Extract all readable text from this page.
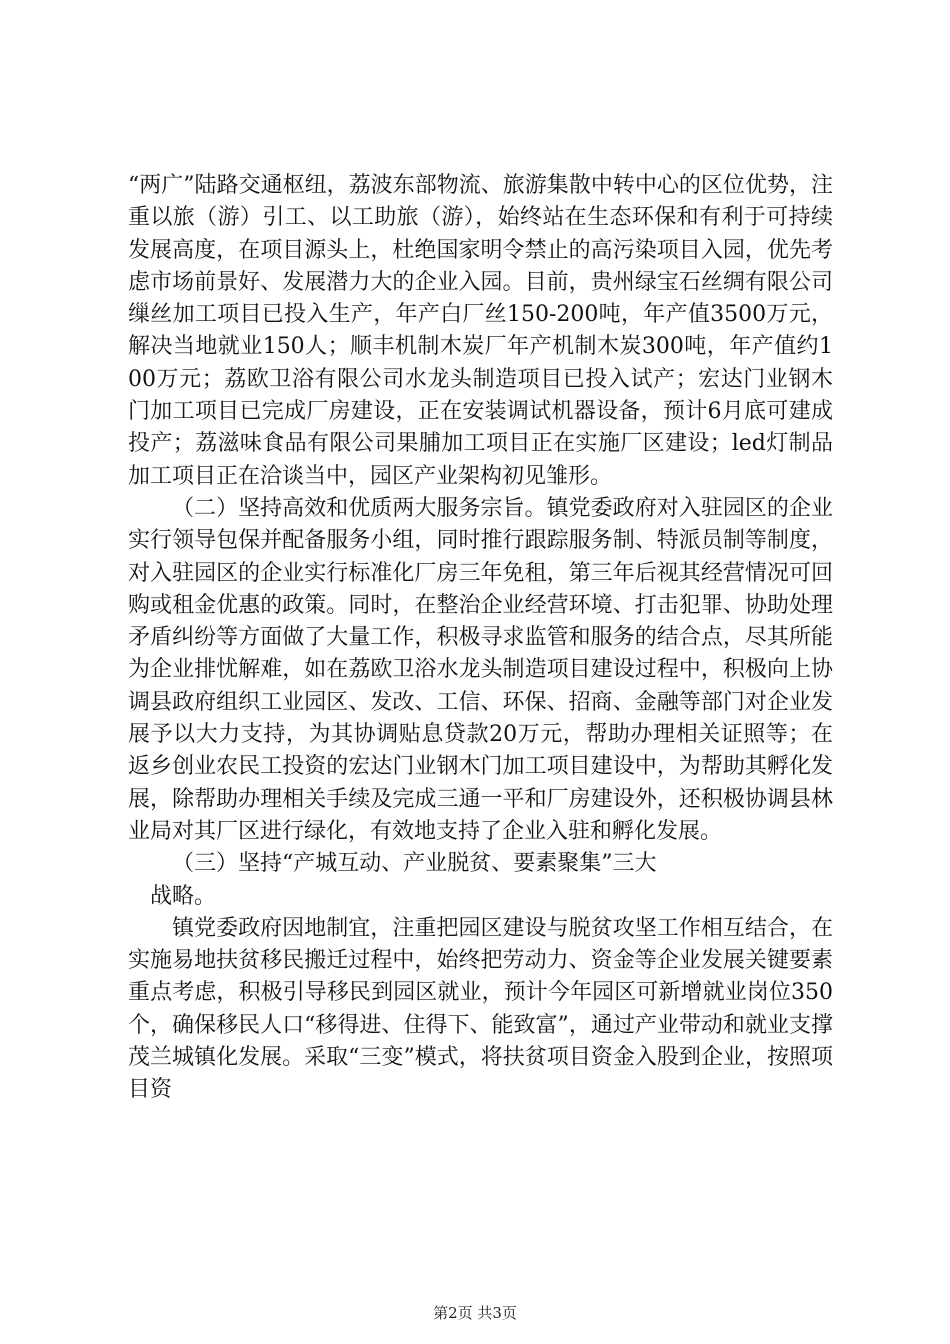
“两广”陆路交通枢纽，荔波东部物流、旅游集散中转中心的区位优势，注重以旅（游）引工、以工助旅（游），始终站在生态环保和有利于可持续发展高度，在项目源头上，杜绝国家明令禁止的高污染项目入园，优先考虑市场前景好、发展潜力大的企业入园。目前，贵州绿宝石丝绸有限公司缫丝加工项目已投入生产，年产白厂丝150-200吨，年产值3500万元，解决当地就业150人；顺丰机制木炭厂年产机制木炭300吨，年产值约100万元；荔欧卫浴有限公司水龙头制造项目已投入试产；宏达门业钢木门加工项目已完成厂房建设，正在安装调试机器设备，预计6月底可建成投产；荔滋味食品有限公司果脯加工项目正在实施厂区建设；led灯制品加工项目正在洽谈当中，园区产业架构初见雏形。

（二）坚持高效和优质两大服务宗旨。镇党委政府对入驻园区的企业实行领导包保并配备服务小组，同时推行跟踪服务制、特派员制等制度，对入驻园区的企业实行标准化厂房三年免租，第三年后视其经营情况可回购或租金优惠的政策。同时，在整治企业经营环境、打击犯罪、协助处理矛盾纠纷等方面做了大量工作，积极寻求监管和服务的结合点，尽其所能为企业排忧解难，如在荔欧卫浴水龙头制造项目建设过程中，积极向上协调县政府组织工业园区、发改、工信、环保、招商、金融等部门对企业发展予以大力支持，为其协调贴息贷款20万元，帮助办理相关证照等；在返乡创业农民工投资的宏达门业钢木门加工项目建设中，为帮助其孵化发展，除帮助办理相关手续及完成三通一平和厂房建设外，还积极协调县林业局对其厂区进行绿化，有效地支持了企业入驻和孵化发展。

（三）坚持“产城互动、产业脱贫、要素聚集”三大

战略。

镇党委政府因地制宜，注重把园区建设与脱贫攻坚工作相互结合，在实施易地扶贫移民搬迁过程中，始终把劳动力、资金等企业发展关键要素重点考虑，积极引导移民到园区就业，预计今年园区可新增就业岗位350个，确保移民人口“移得进、住得下、能致富”，通过产业带动和就业支撑茂兰城镇化发展。采取“三变”模式，将扶贫项目资金入股到企业，按照项目资

第2页 共3页
